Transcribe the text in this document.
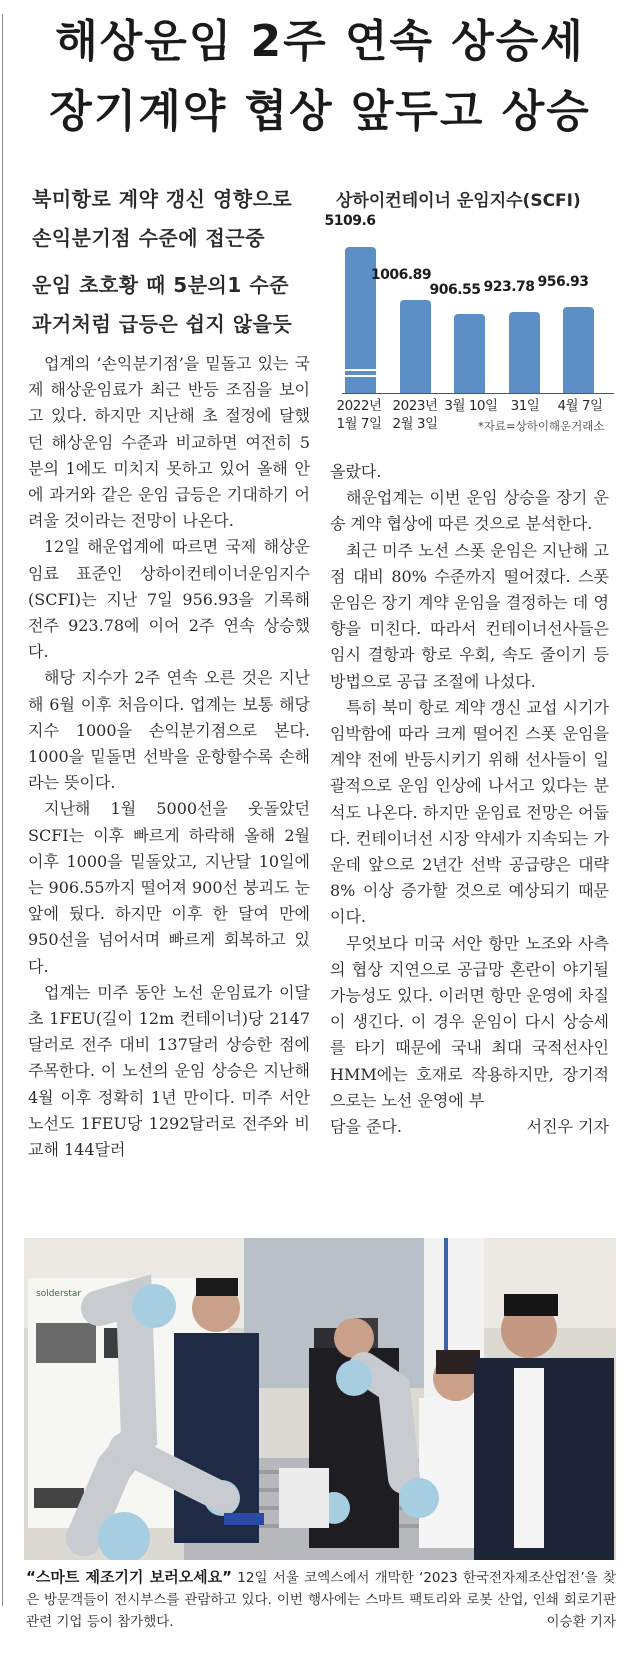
해상운임 2주 연속 상승세
장기계약 협상 앞두고 상승
북미항로 계약 갱신 영향으로
손익분기점 수준에 접근중
운임 초호황 때 5분의1 수준
과거처럼 급등은 쉽지 않을듯
상하이컨테이너 운임지수(SCFI)
5109.6
1006.89
906.55 923.78 956.93
2022년
1월 7일
2023년
2월 3일
3월 10일 31일	4월 7일
*자료=상하이해운거래소

업계의 ‘손익분기점’을 밑돌고 있는 국제 해상운임료가 최근 반등 조짐을 보이고 있다. 하지만 지난해 초 절정에 달했던 해상운임 수준과 비교하면 여전히 5분의 1에도 미치지 못하고 있어 올해 안에 과거와 같은 운임 급등은 기대하기 어려울 것이라는 전망이 나온다.

12일 해운업계에 따르면 국제 해상운임료 표준인 상하이컨테이너운임지수(SCFI)는 지난 7일 956.93을 기록해 전주 923.78에 이어 2주 연속 상승했다.

해당 지수가 2주 연속 오른 것은 지난해 6월 이후 처음이다. 업계는 보통 해당 지수 1000을 손익분기점으로 본다. 1000을 밑돌면 선박을 운항할수록 손해라는 뜻이다.

지난해 1월 5000선을 웃돌았던 SCFI는 이후 빠르게 하락해 올해 2월 이후 1000을 밑돌았고, 지난달 10일에는 906.55까지 떨어져 900선 붕괴도 눈앞에 뒀다. 하지만 이후 한 달여 만에 950선을 넘어서며 빠르게 회복하고 있다.

업계는 미주 동안 노선 운임료가 이달 초 1FEU(길이 12m 컨테이너)당 2147달러로 전주 대비 137달러 상승한 점에 주목한다. 이 노선의 운임 상승은 지난해 4월 이후 정확히 1년 만이다. 미주 서안 노선도 1FEU당 1292달러로 전주와 비교해 144달러

올랐다.

해운업계는 이번 운임 상승을 장기 운송 계약 협상에 따른 것으로 분석한다.

최근 미주 노선 스폿 운임은 지난해 고점 대비 80% 수준까지 떨어졌다. 스폿 운임은 장기 계약 운임을 결정하는 데 영향을 미친다. 따라서 컨테이너선사들은 임시 결항과 항로 우회, 속도 줄이기 등 방법으로 공급 조절에 나섰다.

특히 북미 항로 계약 갱신 교섭 시기가 임박함에 따라 크게 떨어진 스폿 운임을 계약 전에 반등시키기 위해 선사들이 일괄적으로 운임 인상에 나서고 있다는 분석도 나온다. 하지만 운임료 전망은 어둡다. 컨테이너선 시장 약세가 지속되는 가운데 앞으로 2년간 선박 공급량은 대략 8% 이상 증가할 것으로 예상되기 때문이다.

무엇보다 미국 서안 항만 노조와 사측의 협상 지연으로 공급망 혼란이 야기될 가능성도 있다. 이러면 항만 운영에 차질이 생긴다. 이 경우 운임이 다시 상승세를 타기 때문에 국내 최대 국적선사인 HMM에는 호재로 작용하지만, 장기적으로는 노선 운영에 부

담을 준다.	서진우 기자
solderstar
“스마트 제조기기 보러오세요” 12일 서울 코엑스에서 개막한 ‘2023 한국전자제조산업전’을 찾은 방문객들이 전시부스를 관람하고 있다. 이번 행사에는 스마트 팩토리와 로봇 산업, 인쇄 회로기판 관련 기업 등이 참가했다.	이승환 기자
